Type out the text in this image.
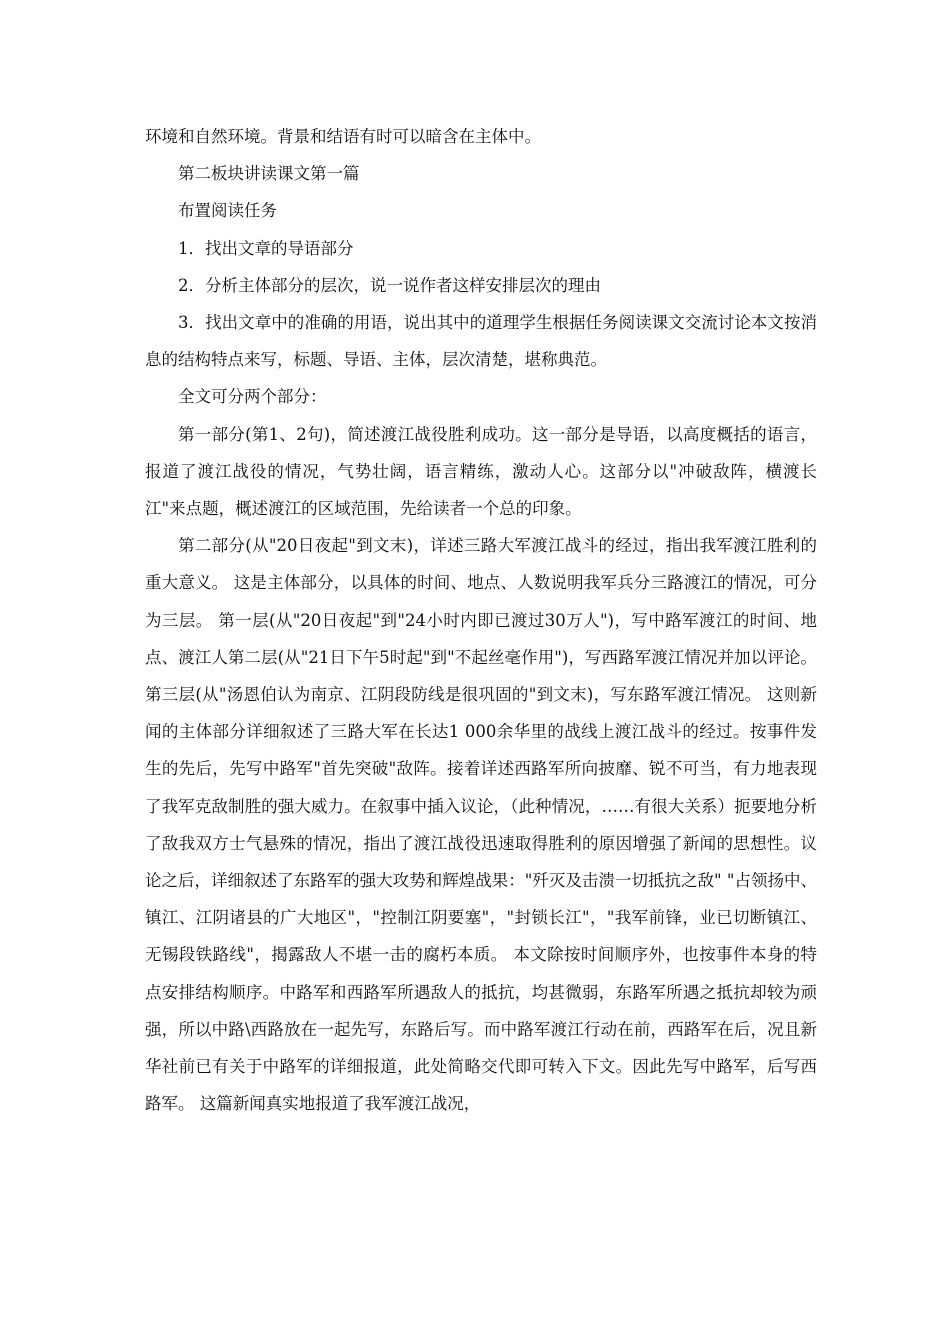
环境和自然环境。背景和结语有时可以暗含在主体中。

第二板块讲读课文第一篇

布置阅读任务

1．找出文章的导语部分

2．分析主体部分的层次，说一说作者这样安排层次的理由

3．找出文章中的准确的用语，说出其中的道理学生根据任务阅读课文交流讨论本文按消息的结构特点来写，标题、导语、主体，层次清楚，堪称典范。

全文可分两个部分：

第一部分(第1、2句)，简述渡江战役胜利成功。这一部分是导语，以高度概括的语言，报道了渡江战役的情况，气势壮阔，语言精练，激动人心。这部分以"冲破敌阵，横渡长江"来点题，概述渡江的区域范围，先给读者一个总的印象。

第二部分(从"20日夜起"到文末)，详述三路大军渡江战斗的经过，指出我军渡江胜利的重大意义。 这是主体部分，以具体的时间、地点、人数说明我军兵分三路渡江的情况，可分为三层。 第一层(从"20日夜起"到"24小时内即已渡过30万人")，写中路军渡江的时间、地点、渡江人第二层(从"21日下午5时起"到"不起丝毫作用")，写西路军渡江情况并加以评论。第三层(从"汤恩伯认为南京、江阴段防线是很巩固的"到文末)，写东路军渡江情况。 这则新闻的主体部分详细叙述了三路大军在长达1 000余华里的战线上渡江战斗的经过。按事件发生的先后，先写中路军"首先突破"敌阵。接着详述西路军所向披靡、锐不可当，有力地表现了我军克敌制胜的强大威力。在叙事中插入议论，（此种情况，……有很大关系）扼要地分析了敌我双方士气悬殊的情况，指出了渡江战役迅速取得胜利的原因增强了新闻的思想性。议论之后，详细叙述了东路军的强大攻势和辉煌战果："歼灭及击溃一切抵抗之敌" "占领扬中、镇江、江阴诸县的广大地区"，"控制江阴要塞"，"封锁长江"，"我军前锋，业已切断镇江、无锡段铁路线"，揭露敌人不堪一击的腐朽本质。 本文除按时间顺序外，也按事件本身的特点安排结构顺序。中路军和西路军所遇敌人的抵抗，均甚微弱，东路军所遇之抵抗却较为顽强，所以中路\西路放在一起先写，东路后写。而中路军渡江行动在前，西路军在后，况且新华社前已有关于中路军的详细报道，此处简略交代即可转入下文。因此先写中路军，后写西路军。 这篇新闻真实地报道了我军渡江战况，
